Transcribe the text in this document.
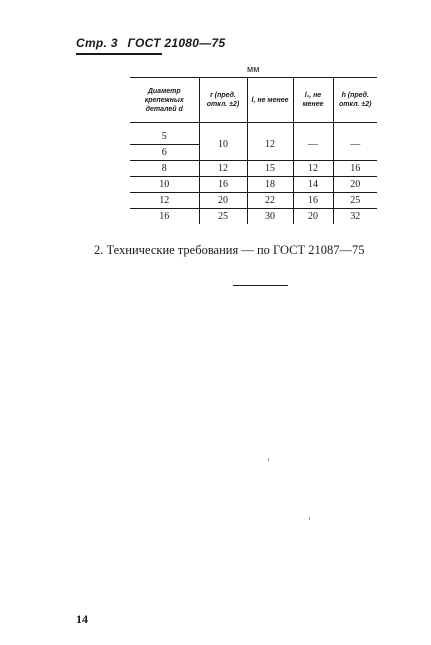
Стр. 3 ГОСТ 21080—75
мм
Диаметр крепежных деталей d	r (пред. откл. ±2)	l, не менее	l₁, не менее	h (пред. откл. ±2)
5	10	12	—	—
6				
8	12	15	12	16
10	16	18	14	20
12	20	22	16	25
16	25	30	20	32
2. Технические требования — по ГОСТ 21087—75
14
